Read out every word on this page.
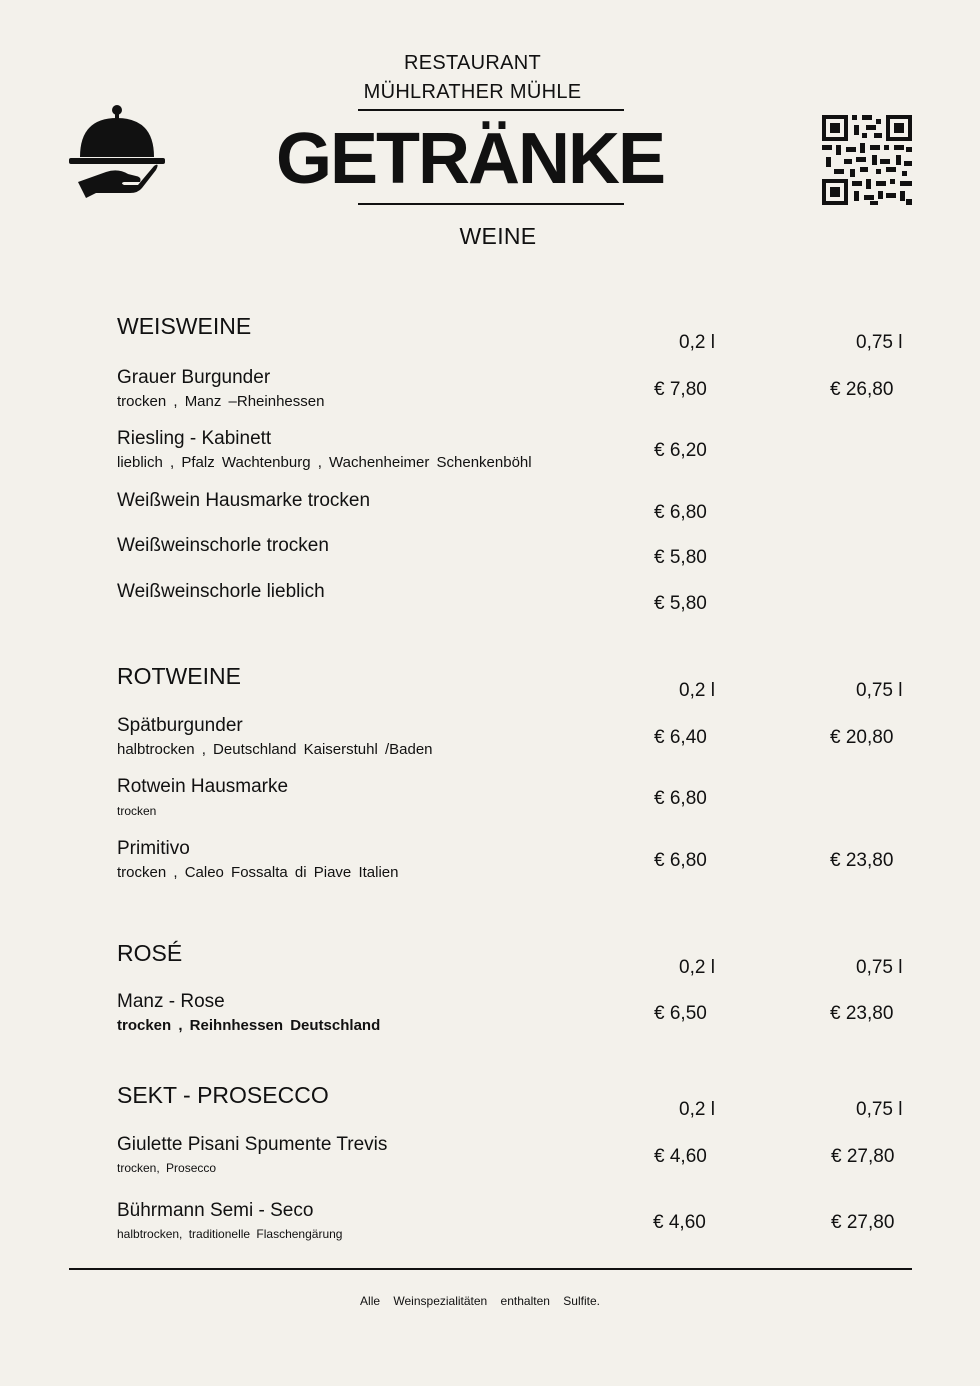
RESTAURANT
MÜHLRATHER MÜHLE
GETRÄNKE
WEINE
WEISWEINE
0,2 l	0,75 l
Grauer Burgunder
trocken , Manz –Rheinhessen
€ 7,80	€ 26,80
Riesling - Kabinett
lieblich , Pfalz Wachtenburg , Wachenheimer Schenkenböhl
€ 6,20
Weißwein Hausmarke trocken
€ 6,80
Weißweinschorle trocken
€ 5,80
Weißweinschorle lieblich
€ 5,80
ROTWEINE
0,2 l	0,75 l
Spätburgunder
halbtrocken , Deutschland Kaiserstuhl /Baden
€ 6,40	€ 20,80
Rotwein Hausmarke
trocken
€ 6,80
Primitivo
trocken , Caleo Fossalta di Piave Italien
€ 6,80	€ 23,80
ROSÉ
0,2 l	0,75 l
Manz - Rose
trocken , Reihnhessen Deutschland
€ 6,50	€ 23,80
SEKT - PROSECCO
0,2 l	0,75 l
Giulette Pisani Spumente Trevis
trocken, Prosecco
€ 4,60	€ 27,80
Bührmann Semi - Seco
halbtrocken, traditionelle Flaschengärung
€ 4,60	€ 27,80
Alle Weinspezialitäten enthalten Sulfite.
